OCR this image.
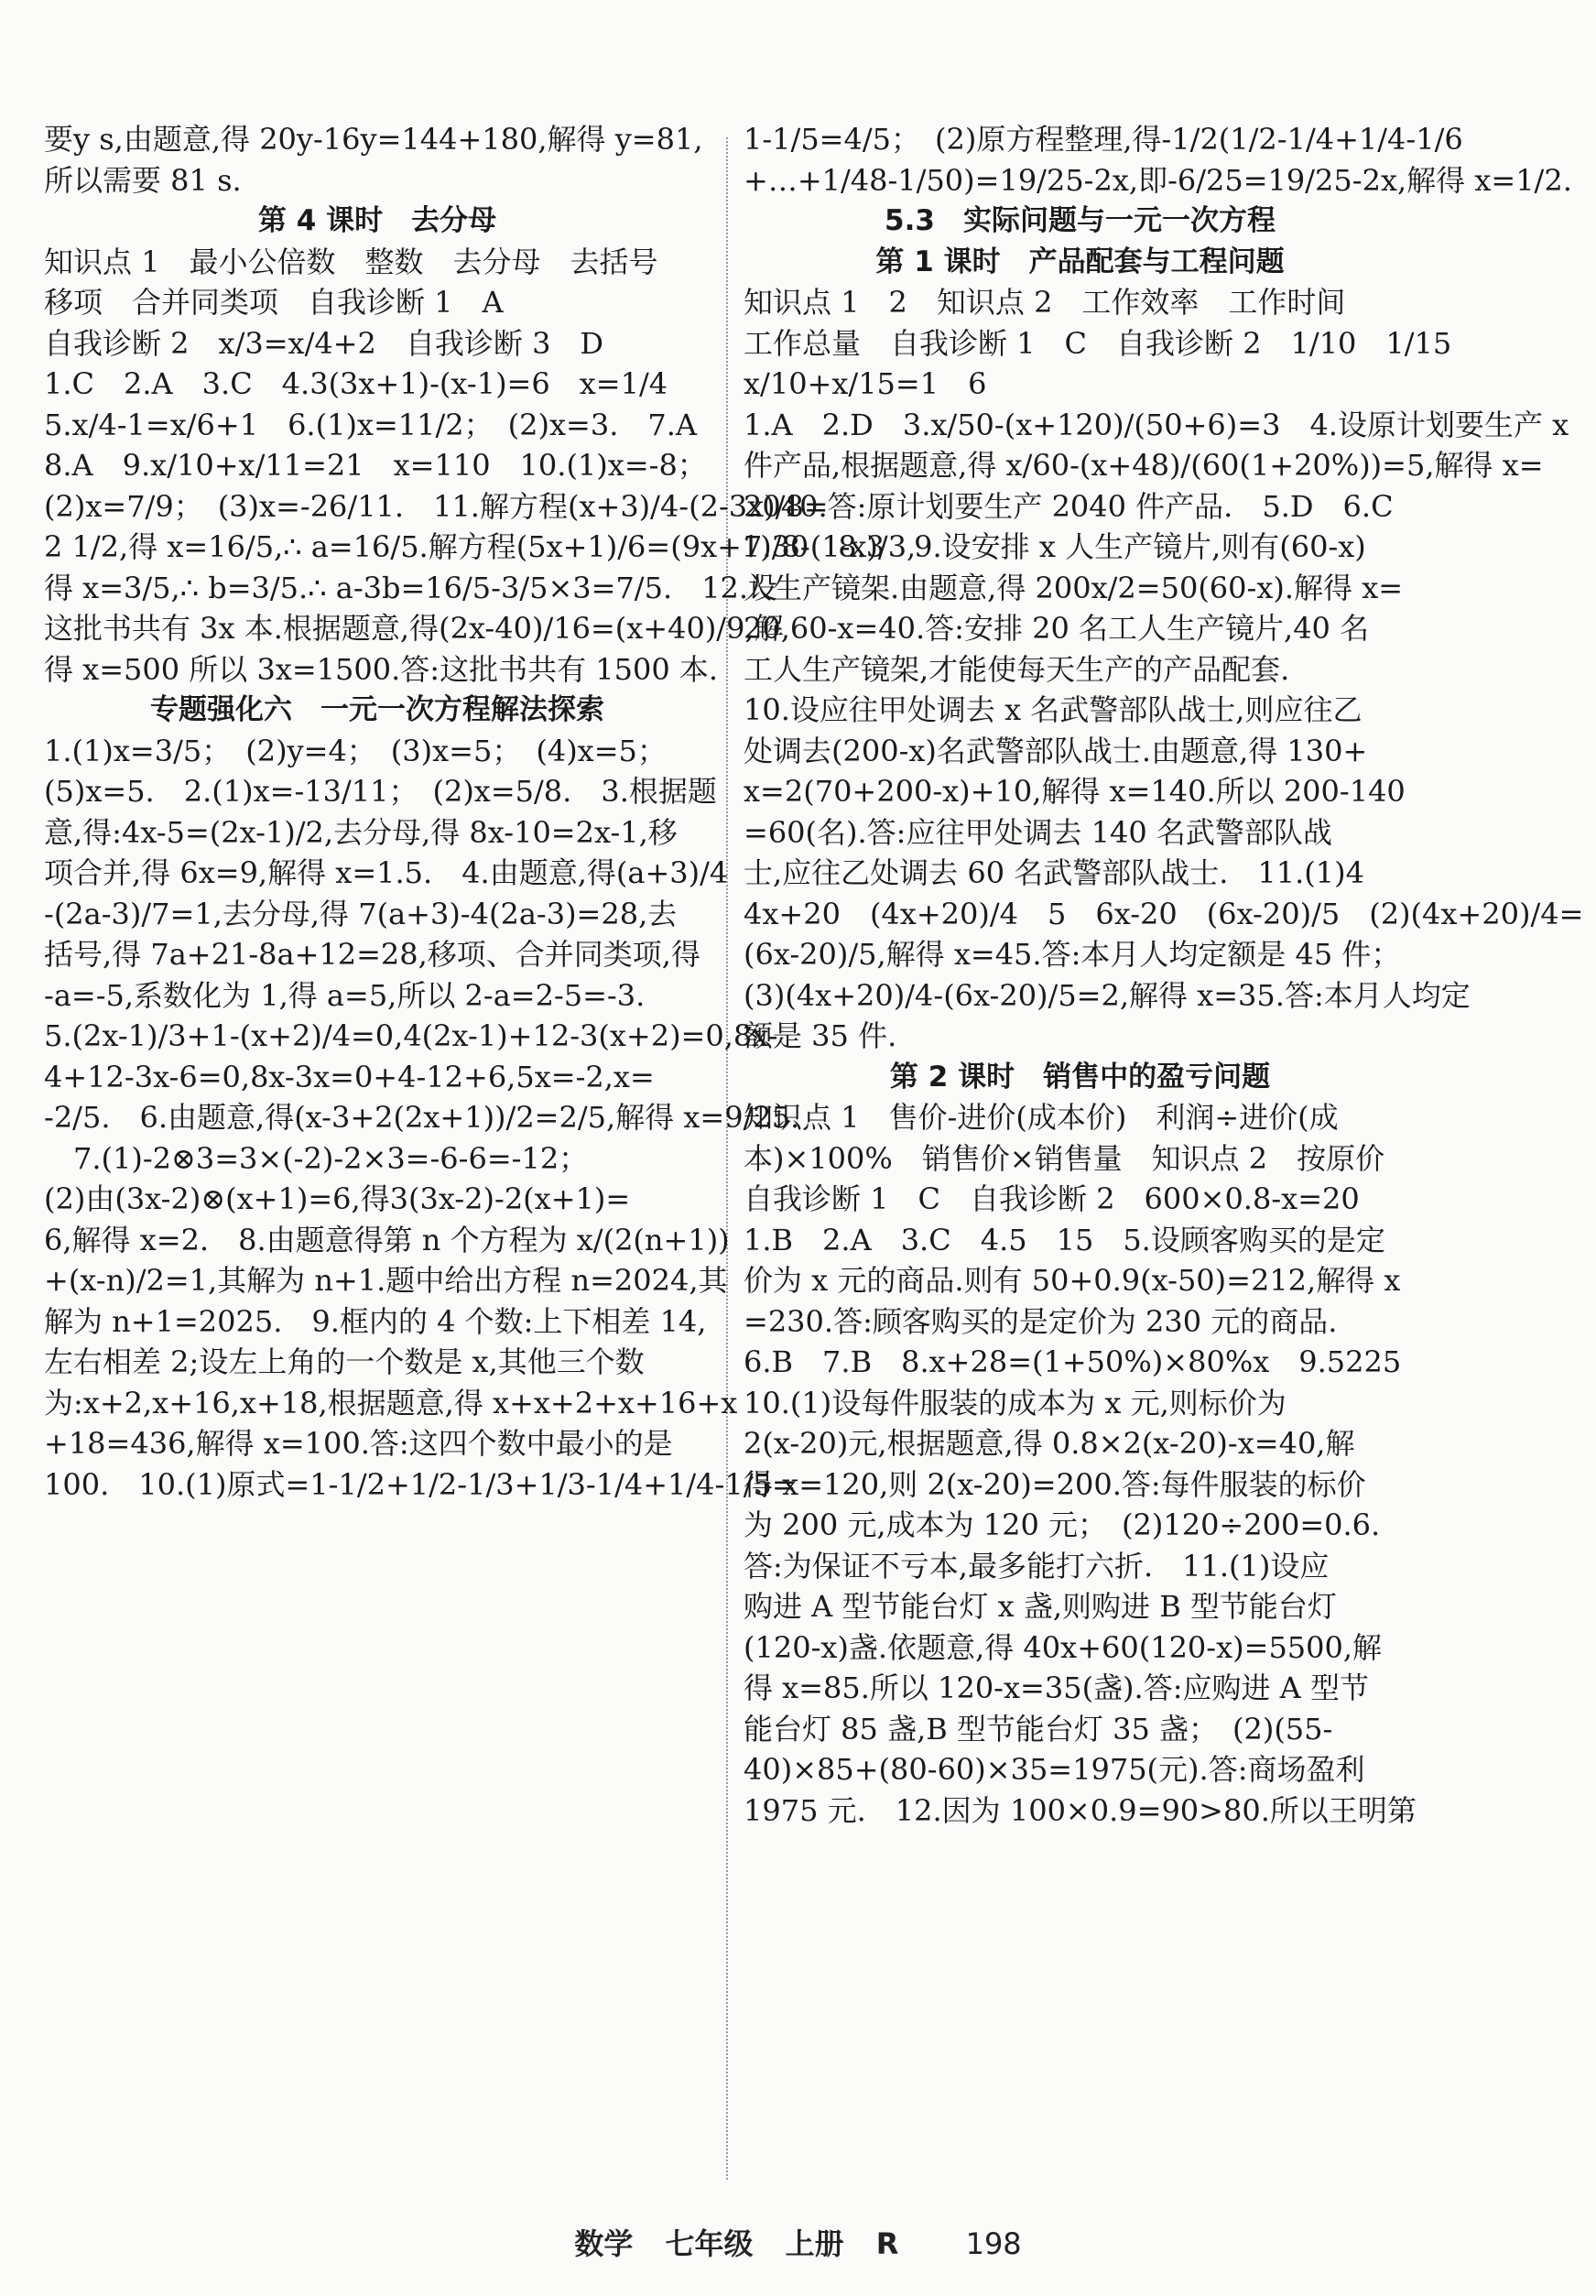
要y s,由题意,得 20y-16y=144+180,解得 y=81,
所以需要 81 s.
第 4 课时　去分母
知识点 1　最小公倍数　整数　去分母　去括号
移项　合并同类项　自我诊断 1　A
自我诊断 2　x/3=x/4+2　自我诊断 3　D
1.C　2.A　3.C　4.3(3x+1)-(x-1)=6　x=1/4
5.x/4-1=x/6+1　6.(1)x=11/2；　(2)x=3.　7.A
8.A　9.x/10+x/11=21　x=110　10.(1)x=-8；
(2)x=7/9；　(3)x=-26/11.　11.解方程(x+3)/4-(2-3x)/8=
2 1/2,得 x=16/5,∴ a=16/5.解方程(5x+1)/6=(9x+1)/8-(1-x)/3,
得 x=3/5,∴ b=3/5.∴ a-3b=16/5-3/5×3=7/5.　12.设
这批书共有 3x 本.根据题意,得(2x-40)/16=(x+40)/9,解
得 x=500 所以 3x=1500.答:这批书共有 1500 本.
专题强化六　一元一次方程解法探索
1.(1)x=3/5；　(2)y=4；　(3)x=5；　(4)x=5；
(5)x=5.　2.(1)x=-13/11；　(2)x=5/8.　3.根据题
意,得:4x-5=(2x-1)/2,去分母,得 8x-10=2x-1,移
项合并,得 6x=9,解得 x=1.5.　4.由题意,得(a+3)/4
-(2a-3)/7=1,去分母,得 7(a+3)-4(2a-3)=28,去
括号,得 7a+21-8a+12=28,移项、合并同类项,得
-a=-5,系数化为 1,得 a=5,所以 2-a=2-5=-3.
5.(2x-1)/3+1-(x+2)/4=0,4(2x-1)+12-3(x+2)=0,8x-
4+12-3x-6=0,8x-3x=0+4-12+6,5x=-2,x=
-2/5.　6.由题意,得(x-3+2(2x+1))/2=2/5,解得 x=9/25.
　7.(1)-2⊗3=3×(-2)-2×3=-6-6=-12；
(2)由(3x-2)⊗(x+1)=6,得3(3x-2)-2(x+1)=
6,解得 x=2.　8.由题意得第 n 个方程为 x/(2(n+1))
+(x-n)/2=1,其解为 n+1.题中给出方程 n=2024,其
解为 n+1=2025.　9.框内的 4 个数:上下相差 14,
左右相差 2;设左上角的一个数是 x,其他三个数
为:x+2,x+16,x+18,根据题意,得 x+x+2+x+16+x
+18=436,解得 x=100.答:这四个数中最小的是
100.　10.(1)原式=1-1/2+1/2-1/3+1/3-1/4+1/4-1/5=
1-1/5=4/5；　(2)原方程整理,得-1/2(1/2-1/4+1/4-1/6
+…+1/48-1/50)=19/25-2x,即-6/25=19/25-2x,解得 x=1/2.
5.3　实际问题与一元一次方程
第 1 课时　产品配套与工程问题
知识点 1　2　知识点 2　工作效率　工作时间
工作总量　自我诊断 1　C　自我诊断 2　1/10　1/15
x/10+x/15=1　6
1.A　2.D　3.x/50-(x+120)/(50+6)=3　4.设原计划要生产 x
件产品,根据题意,得 x/60-(x+48)/(60(1+20%))=5,解得 x=
2040.答:原计划要生产 2040 件产品.　5.D　6.C
7.30　8.3　9.设安排 x 人生产镜片,则有(60-x)
人生产镜架.由题意,得 200x/2=50(60-x).解得 x=
20,60-x=40.答:安排 20 名工人生产镜片,40 名
工人生产镜架,才能使每天生产的产品配套.
10.设应往甲处调去 x 名武警部队战士,则应往乙
处调去(200-x)名武警部队战士.由题意,得 130+
x=2(70+200-x)+10,解得 x=140.所以 200-140
=60(名).答:应往甲处调去 140 名武警部队战
士,应往乙处调去 60 名武警部队战士.　11.(1)4
4x+20　(4x+20)/4　5　6x-20　(6x-20)/5　(2)(4x+20)/4=
(6x-20)/5,解得 x=45.答:本月人均定额是 45 件；
(3)(4x+20)/4-(6x-20)/5=2,解得 x=35.答:本月人均定
额是 35 件.
第 2 课时　销售中的盈亏问题
知识点 1　售价-进价(成本价)　利润÷进价(成
本)×100%　销售价×销售量　知识点 2　按原价
自我诊断 1　C　自我诊断 2　600×0.8-x=20
1.B　2.A　3.C　4.5　15　5.设顾客购买的是定
价为 x 元的商品.则有 50+0.9(x-50)=212,解得 x
=230.答:顾客购买的是定价为 230 元的商品.
6.B　7.B　8.x+28=(1+50%)×80%x　9.5225
10.(1)设每件服装的成本为 x 元,则标价为
2(x-20)元,根据题意,得 0.8×2(x-20)-x=40,解
得 x=120,则 2(x-20)=200.答:每件服装的标价
为 200 元,成本为 120 元；　(2)120÷200=0.6.
答:为保证不亏本,最多能打六折.　11.(1)设应
购进 A 型节能台灯 x 盏,则购进 B 型节能台灯
(120-x)盏.依题意,得 40x+60(120-x)=5500,解
得 x=85.所以 120-x=35(盏).答:应购进 A 型节
能台灯 85 盏,B 型节能台灯 35 盏；　(2)(55-
40)×85+(80-60)×35=1975(元).答:商场盈利
1975 元.　12.因为 100×0.9=90>80.所以王明第
数学 七年级 上册 R 198
